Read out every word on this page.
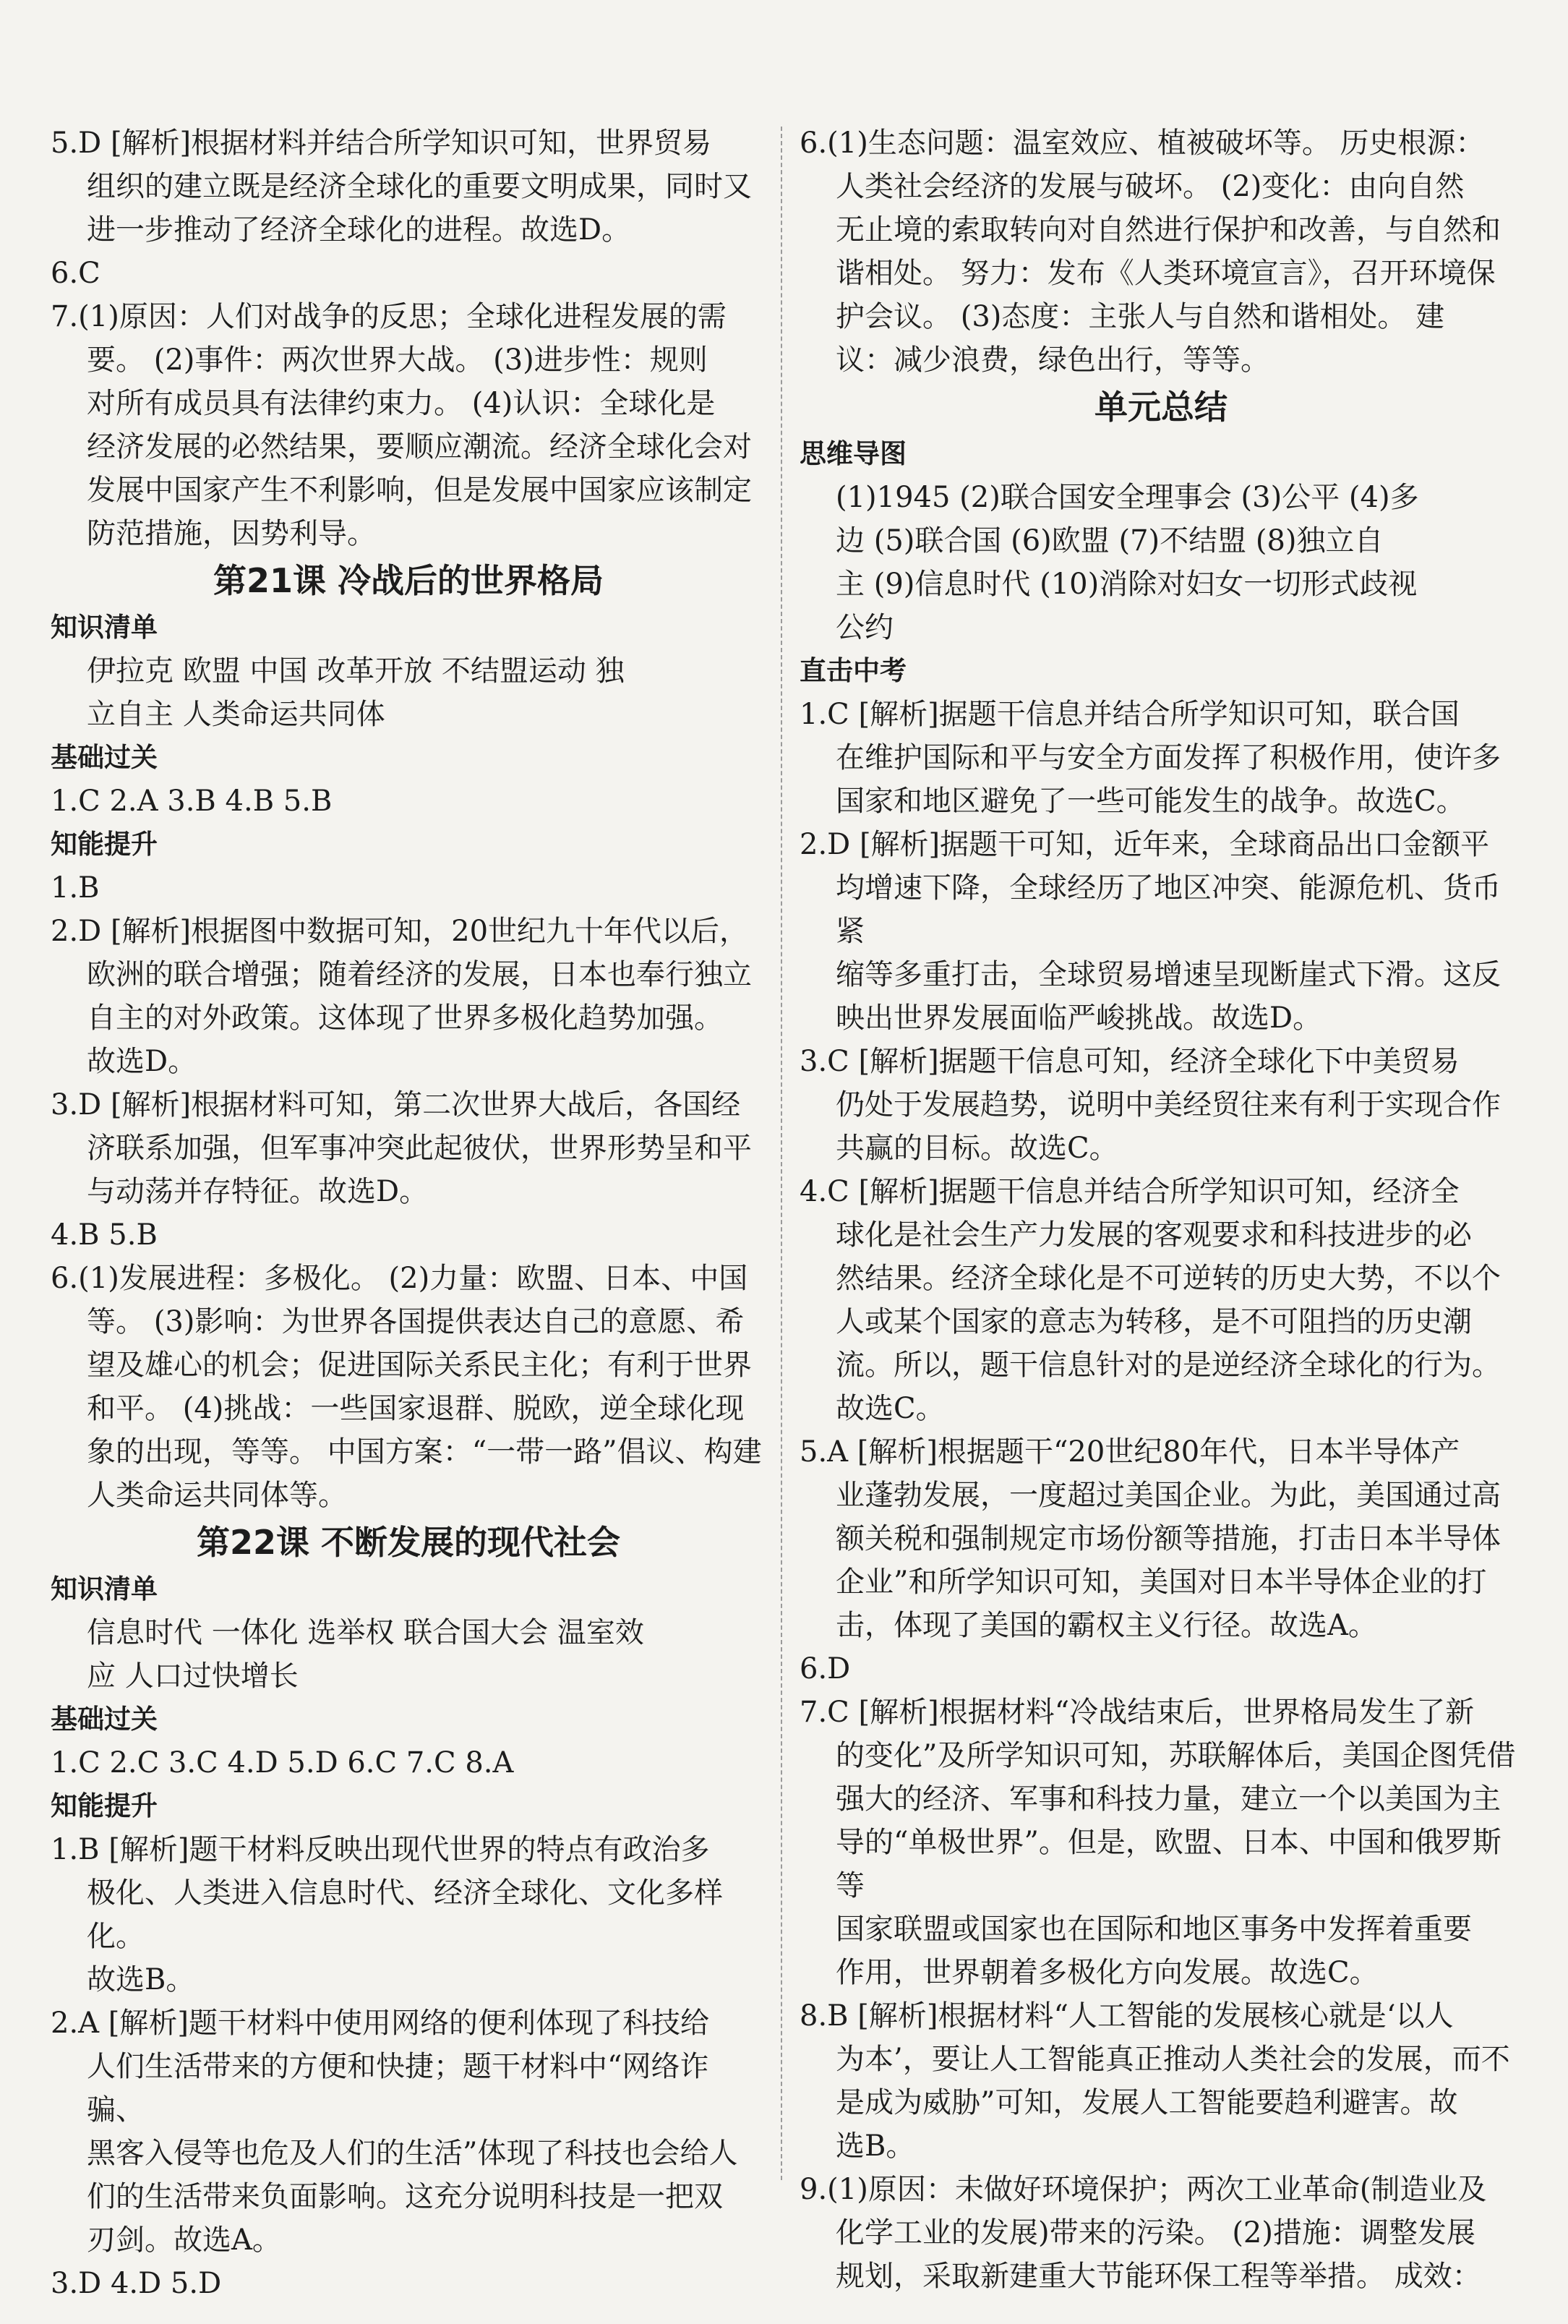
5.D [解析]根据材料并结合所学知识可知，世界贸易

组织的建立既是经济全球化的重要文明成果，同时又

进一步推动了经济全球化的进程。故选D。

6.C

7.(1)原因：人们对战争的反思；全球化进程发展的需

要。 (2)事件：两次世界大战。 (3)进步性：规则

对所有成员具有法律约束力。 (4)认识：全球化是

经济发展的必然结果，要顺应潮流。经济全球化会对

发展中国家产生不利影响，但是发展中国家应该制定

防范措施，因势利导。

第21课 冷战后的世界格局

知识清单

伊拉克 欧盟 中国 改革开放 不结盟运动 独

立自主 人类命运共同体

基础过关

1.C 2.A 3.B 4.B 5.B

知能提升

1.B

2.D [解析]根据图中数据可知，20世纪九十年代以后，

欧洲的联合增强；随着经济的发展，日本也奉行独立

自主的对外政策。这体现了世界多极化趋势加强。

故选D。

3.D [解析]根据材料可知，第二次世界大战后，各国经

济联系加强，但军事冲突此起彼伏，世界形势呈和平

与动荡并存特征。故选D。

4.B 5.B

6.(1)发展进程：多极化。 (2)力量：欧盟、日本、中国

等。 (3)影响：为世界各国提供表达自己的意愿、希

望及雄心的机会；促进国际关系民主化；有利于世界

和平。 (4)挑战：一些国家退群、脱欧，逆全球化现

象的出现，等等。 中国方案：“一带一路”倡议、构建

人类命运共同体等。

第22课 不断发展的现代社会

知识清单

信息时代 一体化 选举权 联合国大会 温室效

应 人口过快增长

基础过关

1.C 2.C 3.C 4.D 5.D 6.C 7.C 8.A

知能提升

1.B [解析]题干材料反映出现代世界的特点有政治多

极化、人类进入信息时代、经济全球化、文化多样化。

故选B。

2.A [解析]题干材料中使用网络的便利体现了科技给

人们生活带来的方便和快捷；题干材料中“网络诈骗、

黑客入侵等也危及人们的生活”体现了科技也会给人

们的生活带来负面影响。这充分说明科技是一把双

刃剑。故选A。

3.D 4.D 5.D

6.(1)生态问题：温室效应、植被破坏等。 历史根源：

人类社会经济的发展与破坏。 (2)变化：由向自然

无止境的索取转向对自然进行保护和改善，与自然和

谐相处。 努力：发布《人类环境宣言》，召开环境保

护会议。 (3)态度：主张人与自然和谐相处。 建

议：减少浪费，绿色出行，等等。

单元总结

思维导图

(1)1945 (2)联合国安全理事会 (3)公平 (4)多

边 (5)联合国 (6)欧盟 (7)不结盟 (8)独立自

主 (9)信息时代 (10)消除对妇女一切形式歧视

公约

直击中考

1.C [解析]据题干信息并结合所学知识可知，联合国

在维护国际和平与安全方面发挥了积极作用，使许多

国家和地区避免了一些可能发生的战争。故选C。

2.D [解析]据题干可知，近年来，全球商品出口金额平

均增速下降，全球经历了地区冲突、能源危机、货币紧

缩等多重打击，全球贸易增速呈现断崖式下滑。这反

映出世界发展面临严峻挑战。故选D。

3.C [解析]据题干信息可知，经济全球化下中美贸易

仍处于发展趋势，说明中美经贸往来有利于实现合作

共赢的目标。故选C。

4.C [解析]据题干信息并结合所学知识可知，经济全

球化是社会生产力发展的客观要求和科技进步的必

然结果。经济全球化是不可逆转的历史大势，不以个

人或某个国家的意志为转移，是不可阻挡的历史潮

流。所以，题干信息针对的是逆经济全球化的行为。

故选C。

5.A [解析]根据题干“20世纪80年代，日本半导体产

业蓬勃发展，一度超过美国企业。为此，美国通过高

额关税和强制规定市场份额等措施，打击日本半导体

企业”和所学知识可知，美国对日本半导体企业的打

击，体现了美国的霸权主义行径。故选A。

6.D

7.C [解析]根据材料“冷战结束后，世界格局发生了新

的变化”及所学知识可知，苏联解体后，美国企图凭借

强大的经济、军事和科技力量，建立一个以美国为主

导的“单极世界”。但是，欧盟、日本、中国和俄罗斯等

国家联盟或国家也在国际和地区事务中发挥着重要

作用，世界朝着多极化方向发展。故选C。

8.B [解析]根据材料“人工智能的发展核心就是‘以人

为本’，要让人工智能真正推动人类社会的发展，而不

是成为威胁”可知，发展人工智能要趋利避害。故

选B。

9.(1)原因：未做好环境保护；两次工业革命(制造业及

化学工业的发展)带来的污染。 (2)措施：调整发展

规划，采取新建重大节能环保工程等举措。 成效：
